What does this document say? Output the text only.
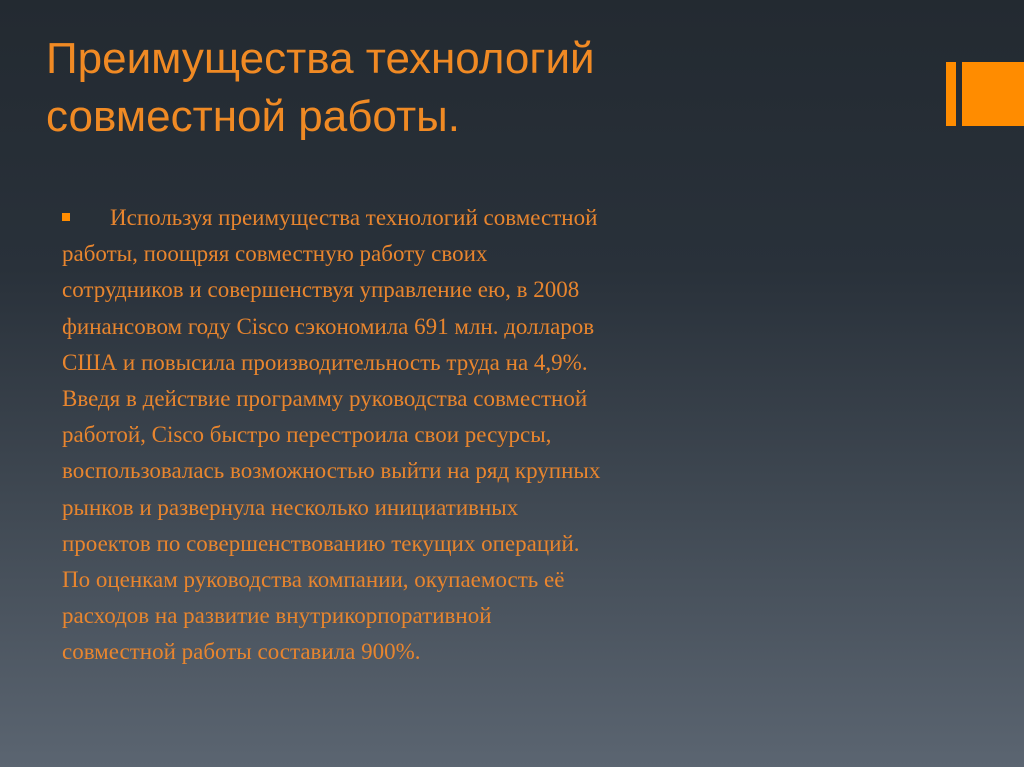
Преимущества технологий
совместной работы.
Используя преимущества технологий совместной
работы, поощряя совместную работу своих
сотрудников и совершенствуя управление ею, в 2008
финансовом году Cisco сэкономила 691 млн. долларов
США и повысила производительность труда на 4,9%.
Введя в действие программу руководства совместной
работой, Cisco быстро перестроила свои ресурсы,
воспользовалась возможностью выйти на ряд крупных
рынков и развернула несколько инициативных
проектов по совершенствованию текущих операций.
По оценкам руководства компании, окупаемость её
расходов на развитие внутрикорпоративной
совместной работы составила 900%.
